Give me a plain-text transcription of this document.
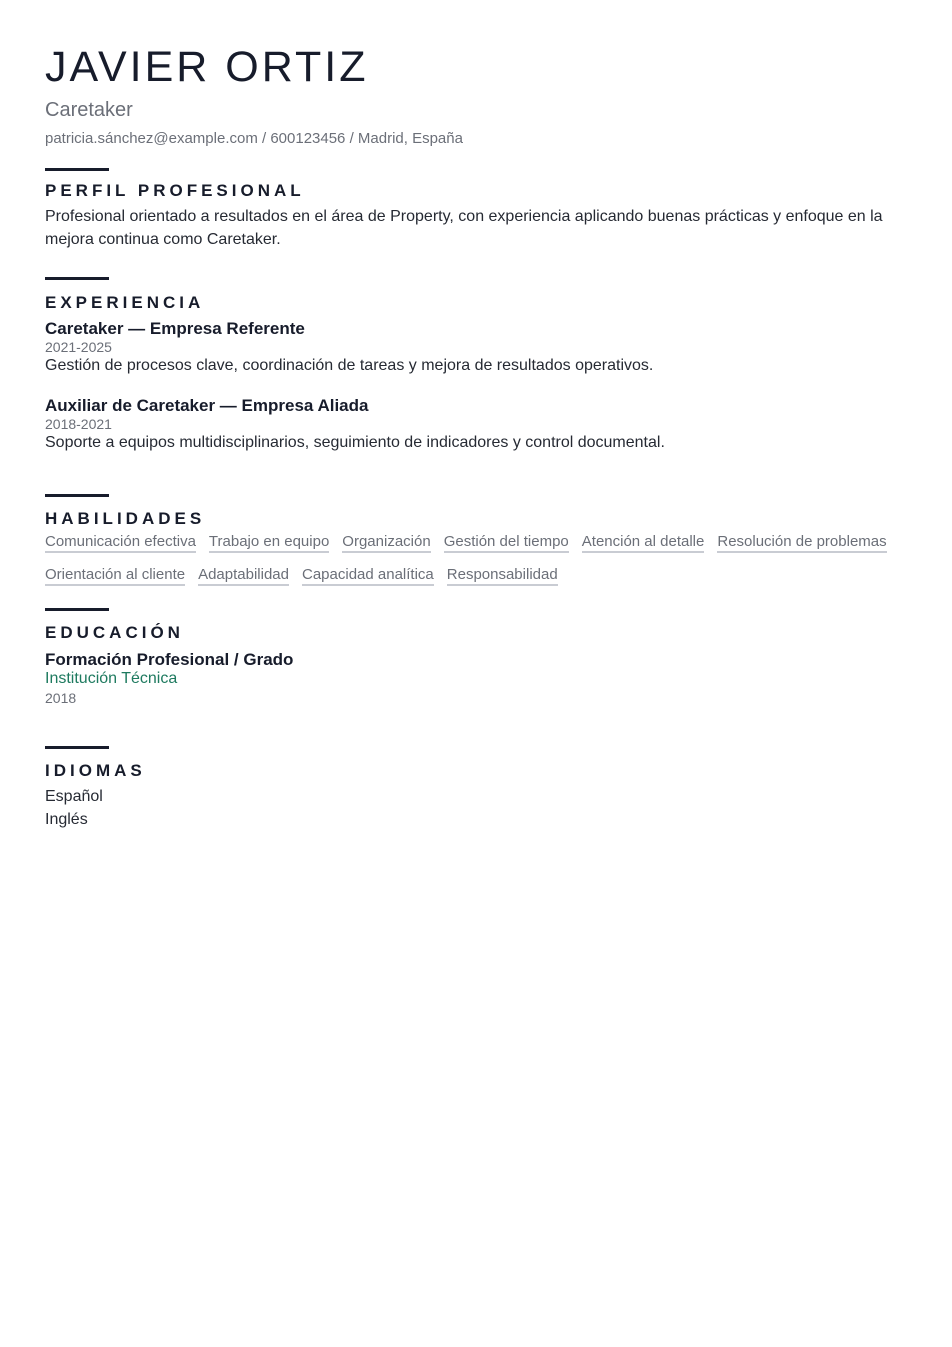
JAVIER ORTIZ
Caretaker
patricia.sánchez@example.com / 600123456 / Madrid, España
PERFIL PROFESIONAL
Profesional orientado a resultados en el área de Property, con experiencia aplicando buenas prácticas y enfoque en la mejora continua como Caretaker.
EXPERIENCIA
Caretaker — Empresa Referente
2021-2025
Gestión de procesos clave, coordinación de tareas y mejora de resultados operativos.
Auxiliar de Caretaker — Empresa Aliada
2018-2021
Soporte a equipos multidisciplinarios, seguimiento de indicadores y control documental.
HABILIDADES
Comunicación efectiva Trabajo en equipo Organización Gestión del tiempo Atención al detalle Resolución de problemas
Orientación al cliente Adaptabilidad Capacidad analítica Responsabilidad
EDUCACIÓN
Formación Profesional / Grado
Institución Técnica
2018
IDIOMAS
Español
Inglés
